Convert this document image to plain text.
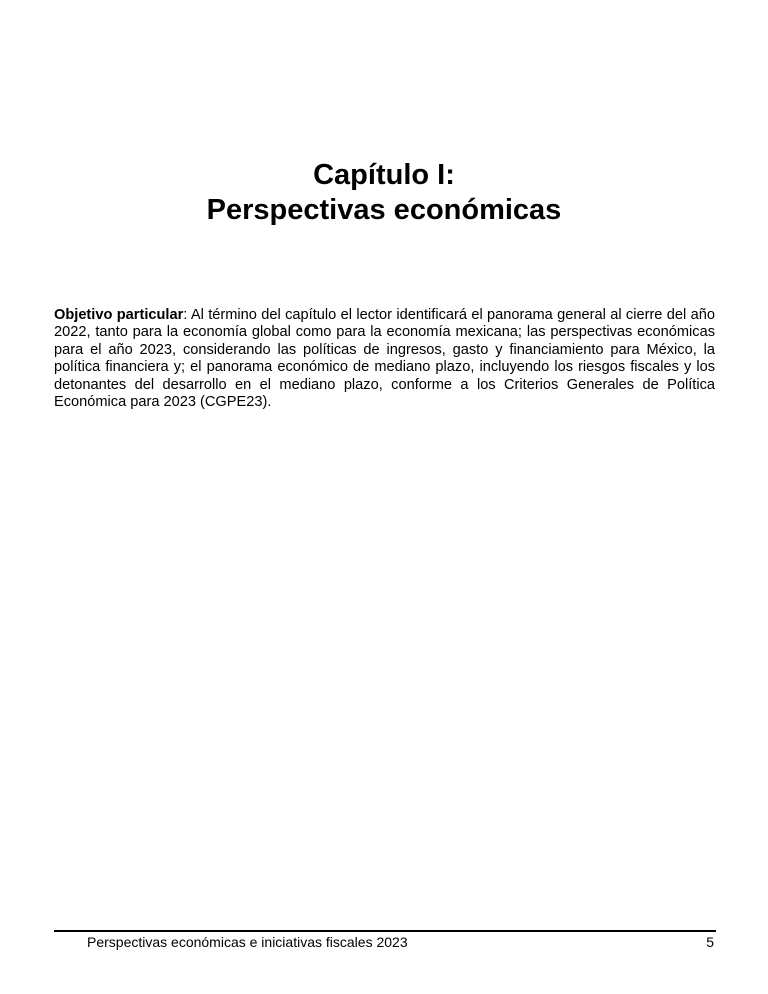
Capítulo I:
Perspectivas económicas

Objetivo particular: Al término del capítulo el lector identificará el panorama general al cierre del año 2022, tanto para la economía global como para la economía mexicana; las perspectivas económicas para el año 2023, considerando las políticas de ingresos, gasto y financiamiento para México, la política financiera y; el panorama económico de mediano plazo, incluyendo los riesgos fiscales y los detonantes del desarrollo en el mediano plazo, conforme a los Criterios Generales de Política Económica para 2023 (CGPE23).

Perspectivas económicas e iniciativas fiscales 2023	5
